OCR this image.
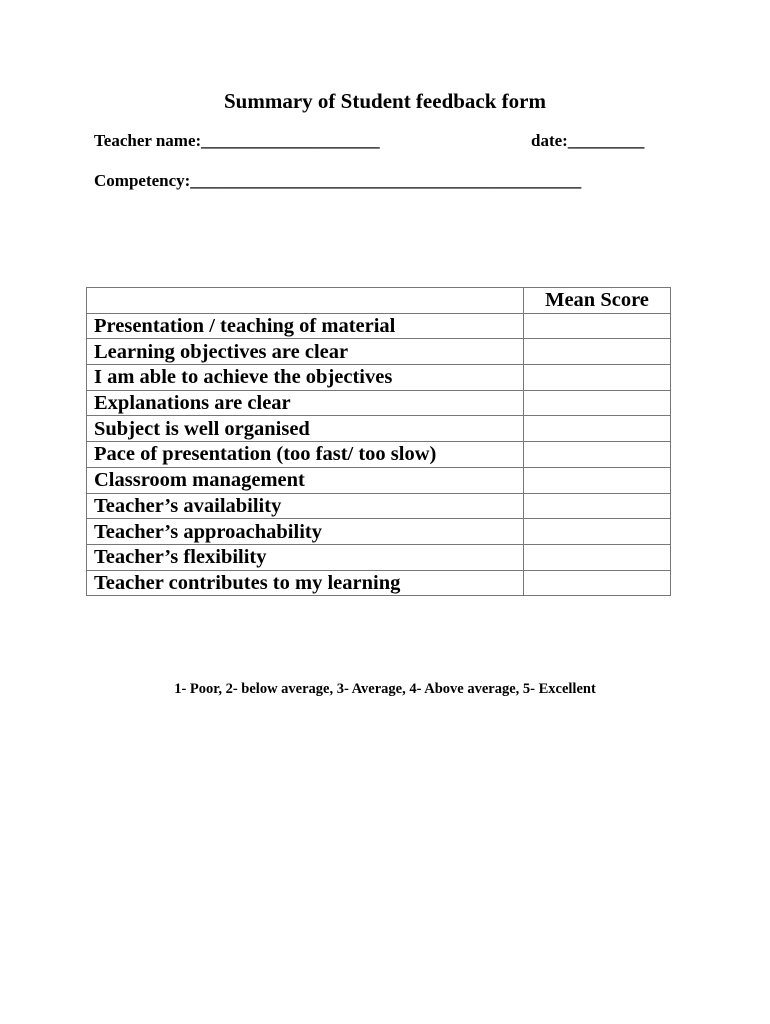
Summary of Student feedback form
Teacher name:_____________________	date:_________
Competency:______________________________________________
	Mean Score
Presentation / teaching of material	
Learning objectives are clear	
I am able to achieve the objectives	
Explanations are clear	
Subject is well organised	
Pace of presentation (too fast/ too slow)	
Classroom management	
Teacher’s availability	
Teacher’s approachability	
Teacher’s flexibility	
Teacher contributes to my learning	
1- Poor, 2- below average, 3- Average, 4- Above average, 5- Excellent
